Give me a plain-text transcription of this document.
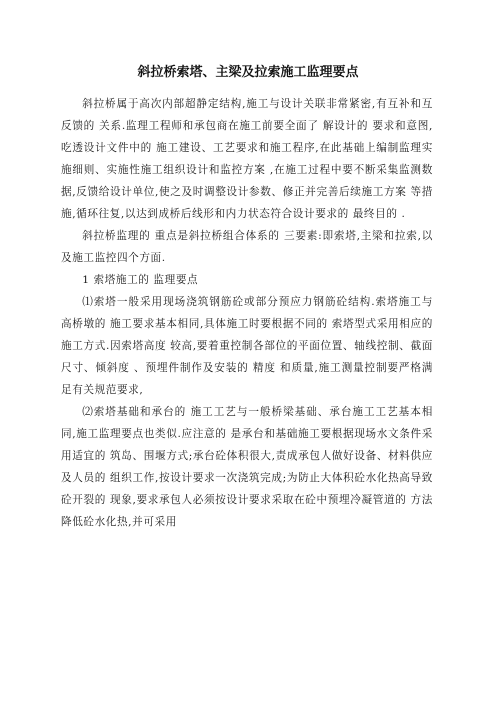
斜拉桥索塔、主梁及拉索施工监理要点

斜拉桥属于高次内部超静定结构,施工与设计关联非常紧密,有互补和互反馈的 关系.监理工程师和承包商在施工前要全面了 解设计的 要求和意图,吃透设计文件中的 施工建设、工艺要求和施工程序,在此基础上编制监理实施细则、实施性施工组织设计和监控方案 ,在施工过程中要不断采集监测数据,反馈给设计单位,使之及时调整设计参数、修正并完善后续施工方案 等措施,循环往复,以达到成桥后线形和内力状态符合设计要求的 最终目的 .

斜拉桥监理的 重点是斜拉桥组合体系的 三要素:即索塔,主梁和拉索,以及施工监控四个方面.

1 索塔施工的 监理要点

⑴索塔一般采用现场浇筑钢筋砼或部分预应力钢筋砼结构.索塔施工与高桥墩的 施工要求基本相同,具体施工时要根据不同的 索塔型式采用相应的 施工方式.因索塔高度 较高,要着重控制各部位的平面位置、轴线控制、截面尺寸、倾斜度 、预埋件制作及安装的 精度 和质量,施工测量控制要严格满足有关规范要求,

⑵索塔基础和承台的 施工工艺与一般桥梁基础、承台施工工艺基本相同,施工监理要点也类似.应注意的 是承台和基础施工要根据现场水文条件采用适宜的 筑岛、围堰方式;承台砼体积很大,责成承包人做好设备、材料供应及人员的 组织工作,按设计要求一次浇筑完成;为防止大体积砼水化热高导致砼开裂的 现象,要求承包人必须按设计要求采取在砼中预埋冷凝管道的 方法降低砼水化热,并可采用
